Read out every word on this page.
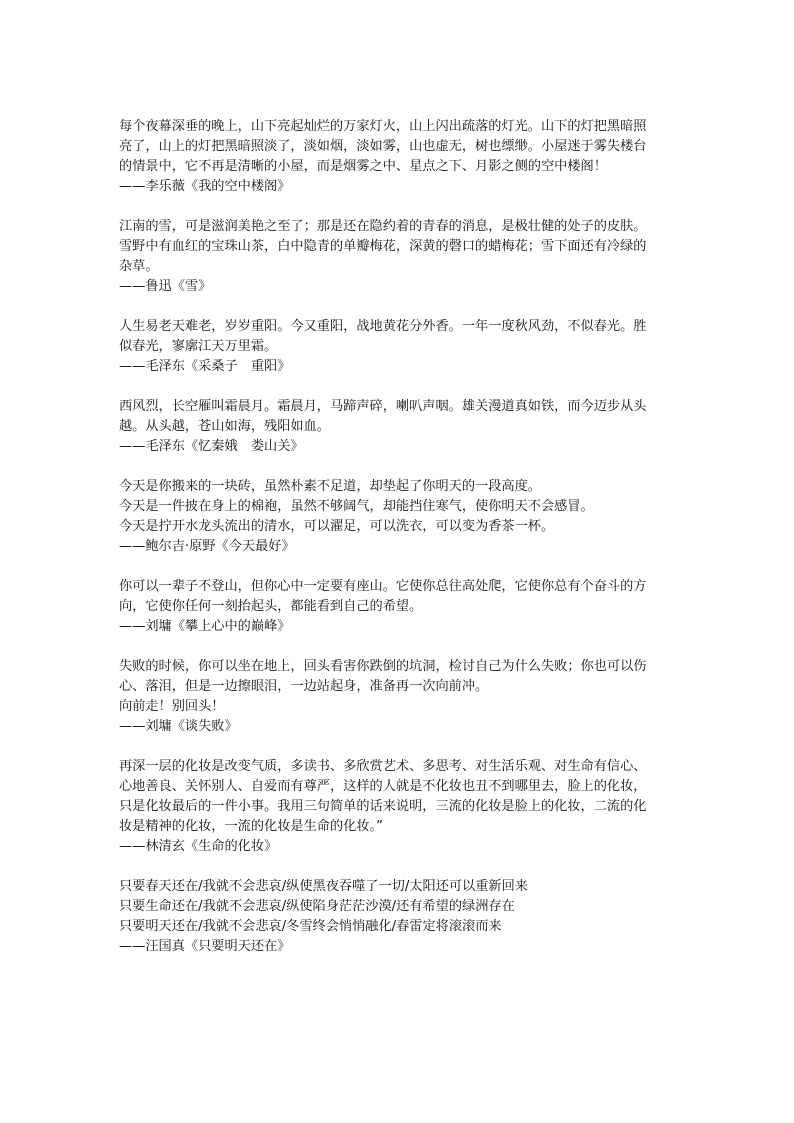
每个夜幕深垂的晚上，山下亮起灿烂的万家灯火，山上闪出疏落的灯光。山下的灯把黑暗照
亮了，山上的灯把黑暗照淡了，淡如烟，淡如雾，山也虚无，树也缥缈。小屋迷于雾失楼台
的情景中，它不再是清晰的小屋，而是烟雾之中、星点之下、月影之侧的空中楼阁！
——李乐薇《我的空中楼阁》
江南的雪，可是滋润美艳之至了；那是还在隐约着的青春的消息，是极壮健的处子的皮肤。
雪野中有血红的宝珠山茶，白中隐青的单瓣梅花，深黄的磬口的蜡梅花；雪下面还有冷绿的
杂草。
——鲁迅《雪》
人生易老天难老，岁岁重阳。今又重阳，战地黄花分外香。一年一度秋风劲，不似春光。胜
似春光，寥廓江天万里霜。
——毛泽东《采桑子　重阳》
西风烈，长空雁叫霜晨月。霜晨月，马蹄声碎，喇叭声咽。雄关漫道真如铁，而今迈步从头
越。从头越，苍山如海，残阳如血。
——毛泽东《忆秦娥　娄山关》
今天是你搬来的一块砖，虽然朴素不足道，却垫起了你明天的一段高度。
今天是一件披在身上的棉袍，虽然不够阔气，却能挡住寒气，使你明天不会感冒。
今天是拧开水龙头流出的清水，可以濯足，可以洗衣，可以变为香茶一杯。
——鲍尔吉·原野《今天最好》
你可以一辈子不登山，但你心中一定要有座山。它使你总往高处爬，它使你总有个奋斗的方
向，它使你任何一刻抬起头，都能看到自己的希望。
——刘墉《攀上心中的巅峰》
失败的时候，你可以坐在地上，回头看害你跌倒的坑洞，检讨自己为什么失败；你也可以伤
心、落泪，但是一边擦眼泪，一边站起身，准备再一次向前冲。
向前走！别回头！
——刘墉《谈失败》
再深一层的化妆是改变气质，多读书、多欣赏艺术、多思考、对生活乐观、对生命有信心、
心地善良、关怀别人、自爱而有尊严，这样的人就是不化妆也丑不到哪里去，脸上的化妆，
只是化妆最后的一件小事。我用三句简单的话来说明，三流的化妆是脸上的化妆，二流的化
妆是精神的化妆，一流的化妆是生命的化妆。”
——林清玄《生命的化妆》
只要春天还在/我就不会悲哀/纵使黑夜吞噬了一切/太阳还可以重新回来
只要生命还在/我就不会悲哀/纵使陷身茫茫沙漠/还有希望的绿洲存在
只要明天还在/我就不会悲哀/冬雪终会悄悄融化/春雷定将滚滚而来
——汪国真《只要明天还在》
